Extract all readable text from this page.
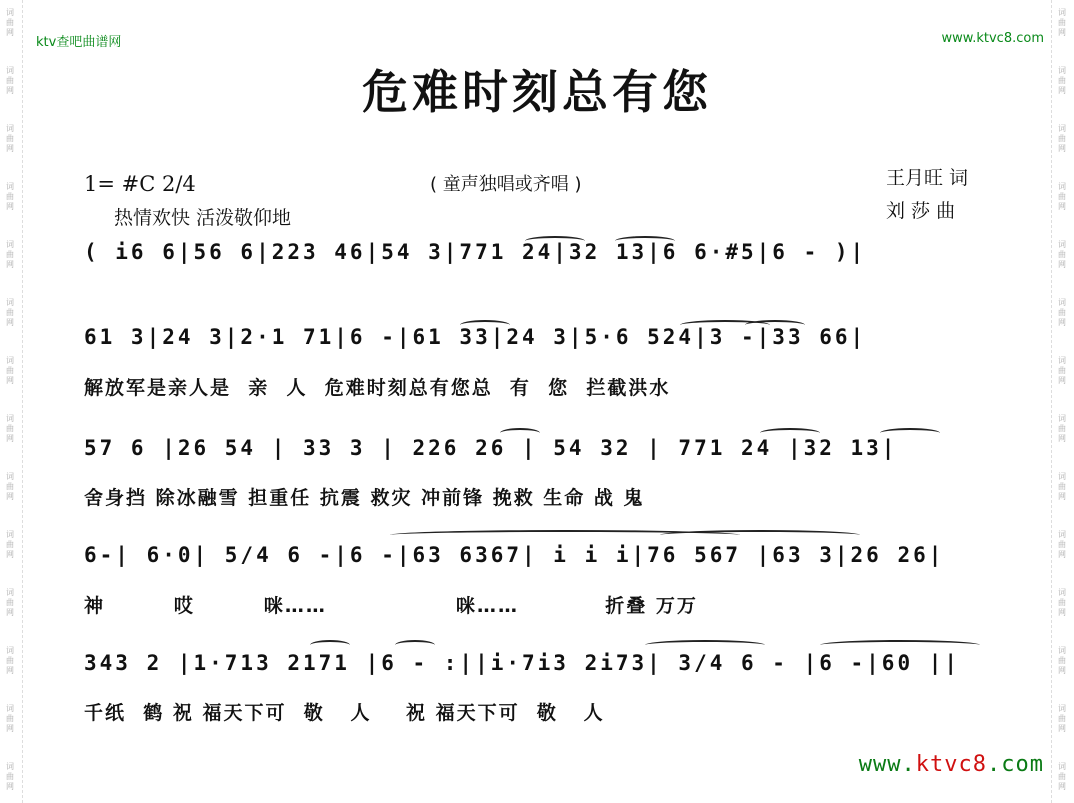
词
曲
网
词
曲
网
词
曲
网
词
曲
网
词
曲
网
词
曲
网
词
曲
网
词
曲
网
词
曲
网
词
曲
网
词
曲
网
词
曲
网
词
曲
网
词
曲
网
词
曲
网
词
曲
网
词
曲
网
词
曲
网
词
曲
网
词
曲
网
词
曲
网
词
曲
网
词
曲
网
词
曲
网
词
曲
网
词
曲
网
词
曲
网
词
曲
网
ktv查吧曲谱网	www.ktvc8.com
危难时刻总有您
1= #C 2/4
热情欢快 活泼敬仰地
( 童声独唱或齐唱 )	王月旺 词
刘 莎 曲
( i6 6|56 6|223 46|54 3|771 24|32 13|6 6·#5|6 - )|
61 3|24 3|2·1 71|6 -|61 33|24 3|5·6 524|3 -|33 66|
解放军是亲人是  亲  人  危难时刻总有您总  有  您  拦截洪水
57 6 |26 54 | 33 3 | 226 26 | 54 32 | 771 24 |32 13|
舍身挡 除冰融雪 担重任 抗震 救灾 冲前锋 挽救 生命 战 鬼
6-| 6·0| 5/4 6 -|6 -|63 6367| i i i|76 567 |63 3|26 26|
神        哎        咪……               咪……          折叠 万万
343 2 |1·713 2171 |6 - :||i·7i3 2i73| 3/4 6 - |6 -|60 ||
千纸  鹤 祝 福天下可  敬   人    祝 福天下可  敬   人
www.ktvc8.com
